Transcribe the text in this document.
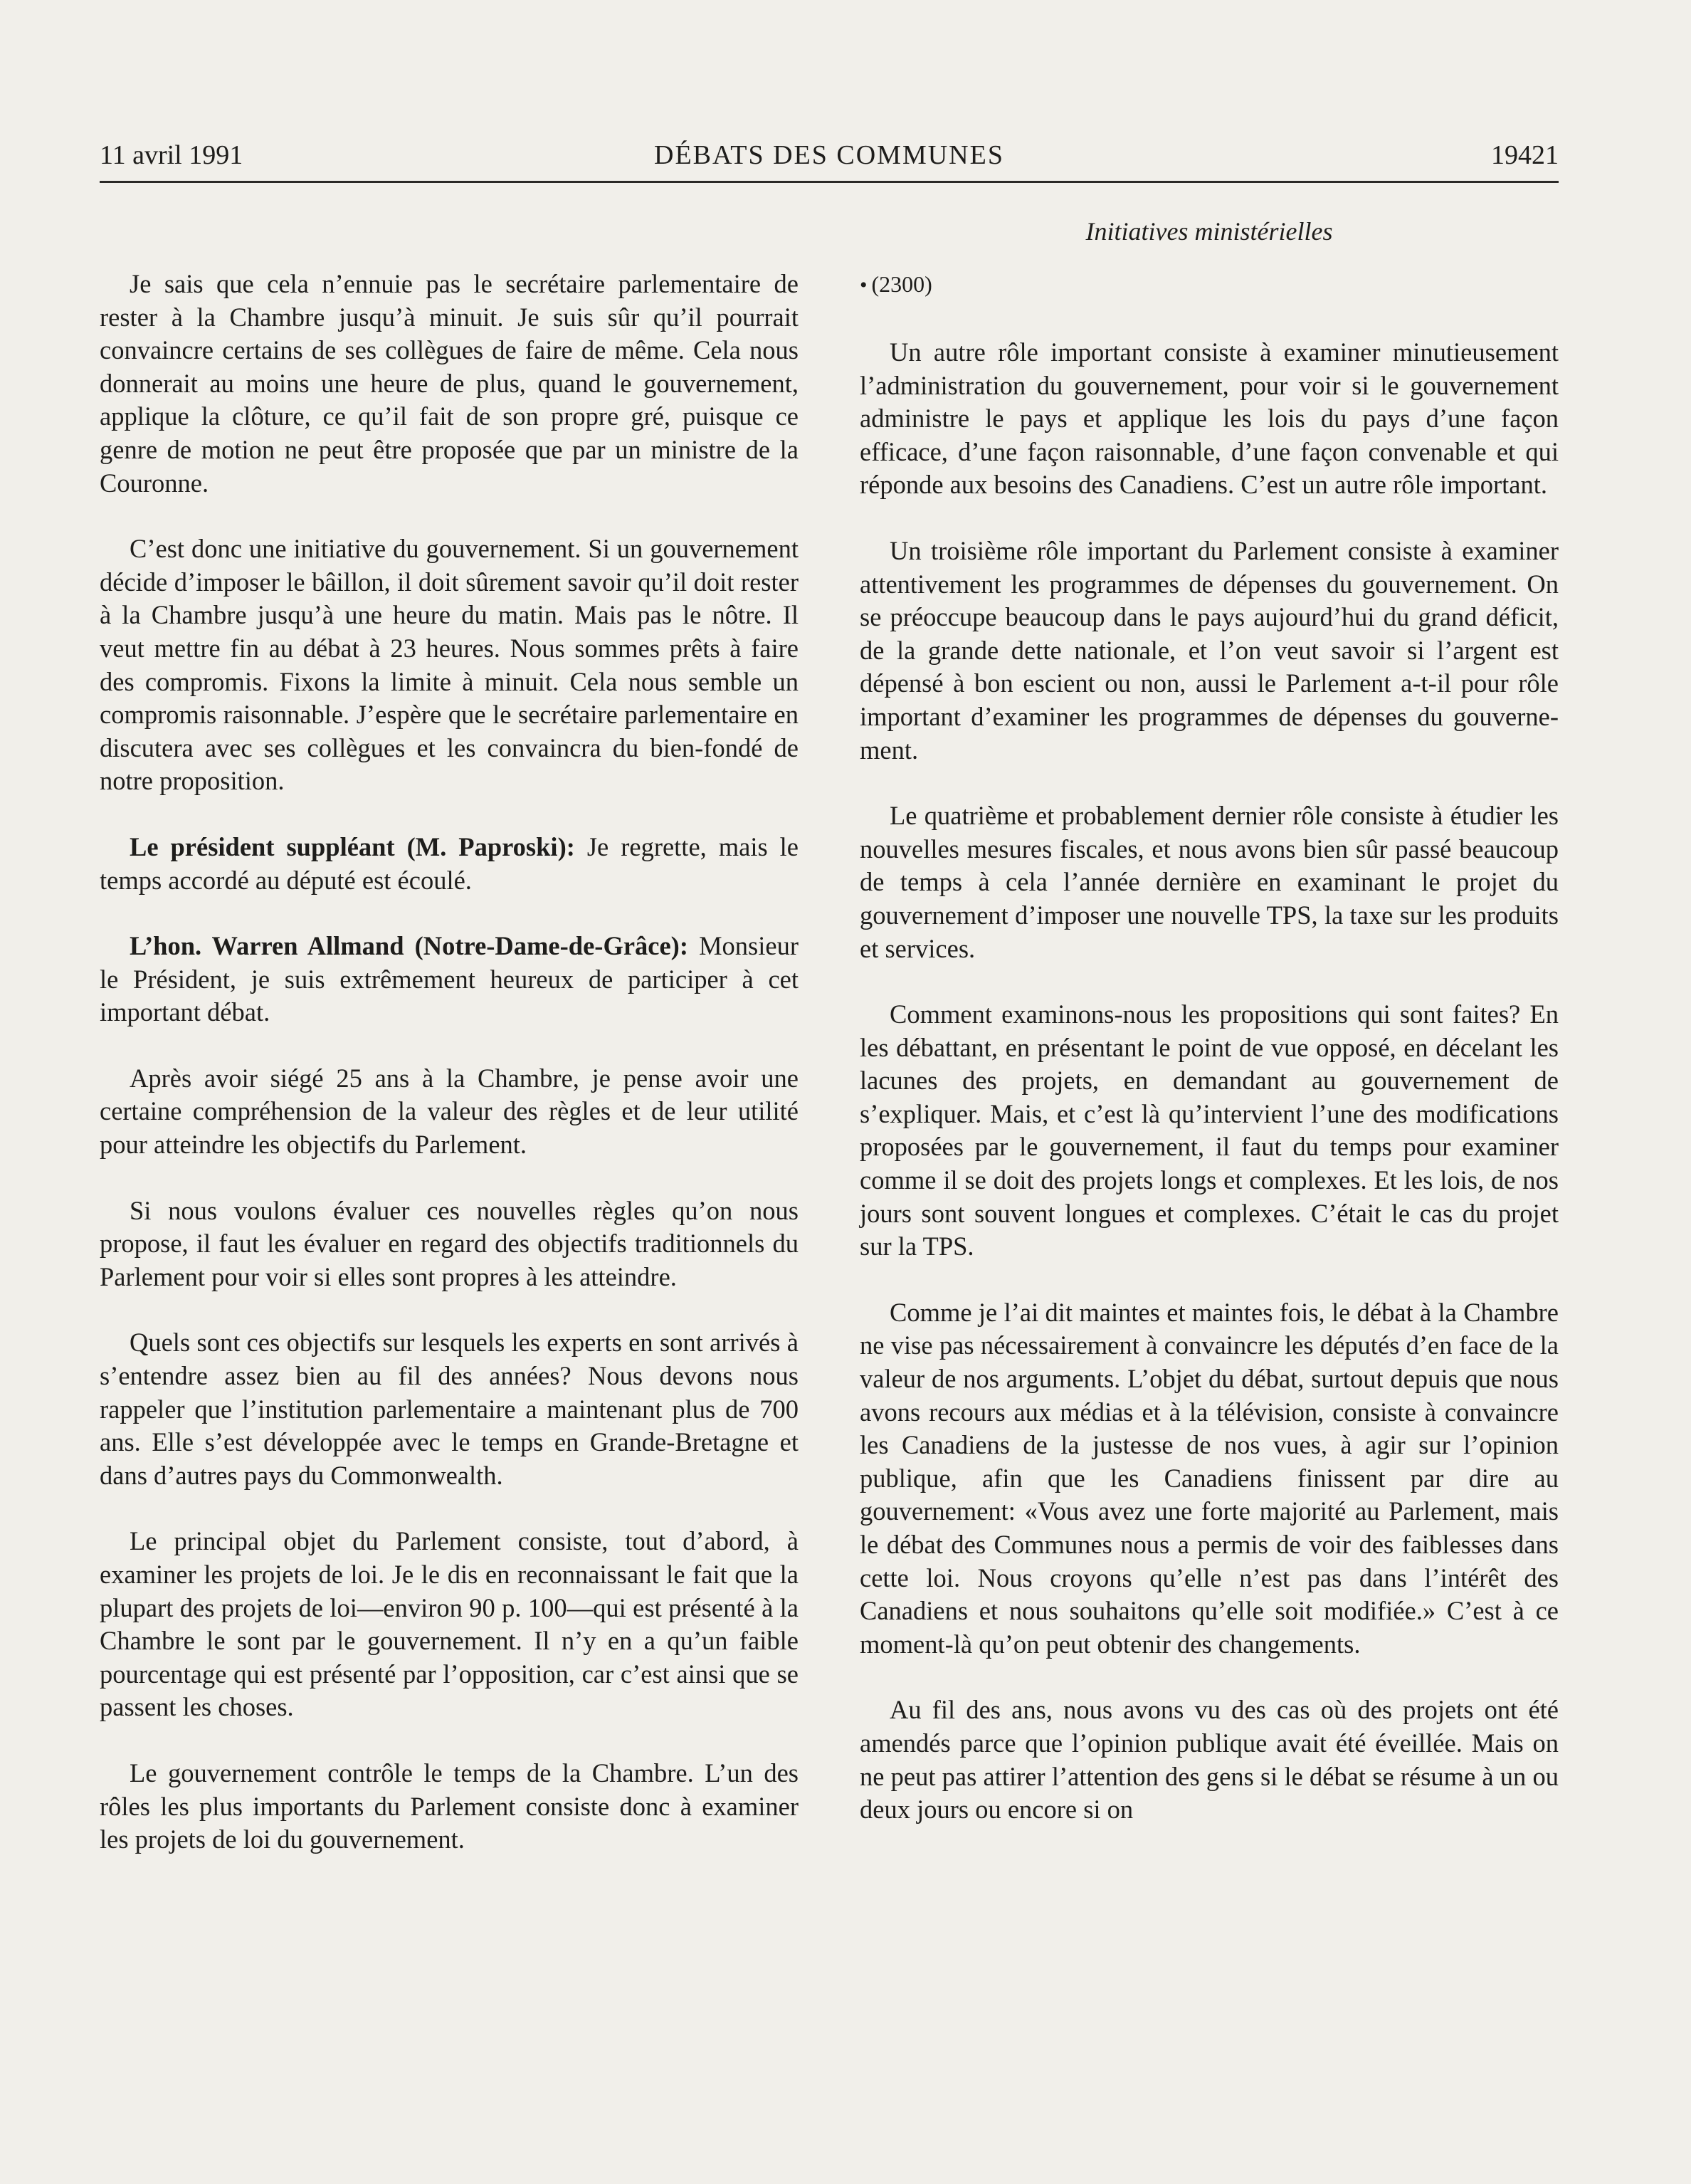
11 avril 1991	DÉBATS DES COMMUNES	19421
Initiatives ministérielles

Je sais que cela n’ennuie pas le secrétaire parlementaire de rester à la Chambre jusqu’à minuit. Je suis sûr qu’il pourrait convaincre certains de ses collègues de faire de même. Cela nous donnerait au moins une heure de plus, quand le gouvernement, applique la clôture, ce qu’il fait de son propre gré, puisque ce genre de motion ne peut être proposée que par un ministre de la Couronne.

C’est donc une initiative du gouvernement. Si un gouvernement décide d’imposer le bâillon, il doit sûrement savoir qu’il doit rester à la Chambre jusqu’à une heure du matin. Mais pas le nôtre. Il veut mettre fin au débat à 23 heures. Nous sommes prêts à faire des compromis. Fixons la limite à minuit. Cela nous semble un compromis raisonnable. J’espère que le secrétaire parlementaire en discutera avec ses collègues et les convaincra du bien-fondé de notre proposition.

Le président suppléant (M. Paproski): Je regrette, mais le temps accordé au député est écoulé.

L’hon. Warren Allmand (Notre-Dame-de-Grâce): Monsieur le Président, je suis extrêmement heureux de participer à cet important débat.

Après avoir siégé 25 ans à la Chambre, je pense avoir une certaine compréhension de la valeur des règles et de leur utilité pour atteindre les objectifs du Parlement.

Si nous voulons évaluer ces nouvelles règles qu’on nous propose, il faut les évaluer en regard des objectifs traditionnels du Parlement pour voir si elles sont propres à les atteindre.

Quels sont ces objectifs sur lesquels les experts en sont arrivés à s’entendre assez bien au fil des années? Nous devons nous rappeler que l’institution parlementaire a maintenant plus de 700 ans. Elle s’est développée avec le temps en Grande-Bretagne et dans d’autres pays du Commonwealth.

Le principal objet du Parlement consiste, tout d’abord, à examiner les projets de loi. Je le dis en reconnaissant le fait que la plupart des projets de loi—environ 90 p. 100—qui est présenté à la Chambre le sont par le gouvernement. Il n’y en a qu’un faible pourcentage qui est présenté par l’opposition, car c’est ainsi que se passent les choses.

Le gouvernement contrôle le temps de la Chambre. L’un des rôles les plus importants du Parlement consiste donc à examiner les projets de loi du gouvernement.

• (2300)

Un autre rôle important consiste à examiner minutieusement l’administration du gouvernement, pour voir si le gouvernement administre le pays et applique les lois du pays d’une façon efficace, d’une façon raisonnable, d’une façon convenable et qui réponde aux besoins des Canadiens. C’est un autre rôle important.

Un troisième rôle important du Parlement consiste à examiner attentivement les programmes de dépenses du gouvernement. On se préoccupe beaucoup dans le pays aujourd’hui du grand déficit, de la grande dette nationale, et l’on veut savoir si l’argent est dépensé à bon escient ou non, aussi le Parlement a-t-il pour rôle important d’examiner les programmes de dépenses du gouvernement.

Le quatrième et probablement dernier rôle consiste à étudier les nouvelles mesures fiscales, et nous avons bien sûr passé beaucoup de temps à cela l’année dernière en examinant le projet du gouvernement d’imposer une nouvelle TPS, la taxe sur les produits et services.

Comment examinons-nous les propositions qui sont faites? En les débattant, en présentant le point de vue opposé, en décelant les lacunes des projets, en demandant au gouvernement de s’expliquer. Mais, et c’est là qu’intervient l’une des modifications proposées par le gouvernement, il faut du temps pour examiner comme il se doit des projets longs et complexes. Et les lois, de nos jours sont souvent longues et complexes. C’était le cas du projet sur la TPS.

Comme je l’ai dit maintes et maintes fois, le débat à la Chambre ne vise pas nécessairement à convaincre les députés d’en face de la valeur de nos arguments. L’objet du débat, surtout depuis que nous avons recours aux médias et à la télévision, consiste à convaincre les Canadiens de la justesse de nos vues, à agir sur l’opinion publique, afin que les Canadiens finissent par dire au gouvernement: «Vous avez une forte majorité au Parlement, mais le débat des Communes nous a permis de voir des faiblesses dans cette loi. Nous croyons qu’elle n’est pas dans l’intérêt des Canadiens et nous souhaitons qu’elle soit modifiée.» C’est à ce moment-là qu’on peut obtenir des changements.

Au fil des ans, nous avons vu des cas où des projets ont été amendés parce que l’opinion publique avait été éveillée. Mais on ne peut pas attirer l’attention des gens si le débat se résume à un ou deux jours ou encore si on
